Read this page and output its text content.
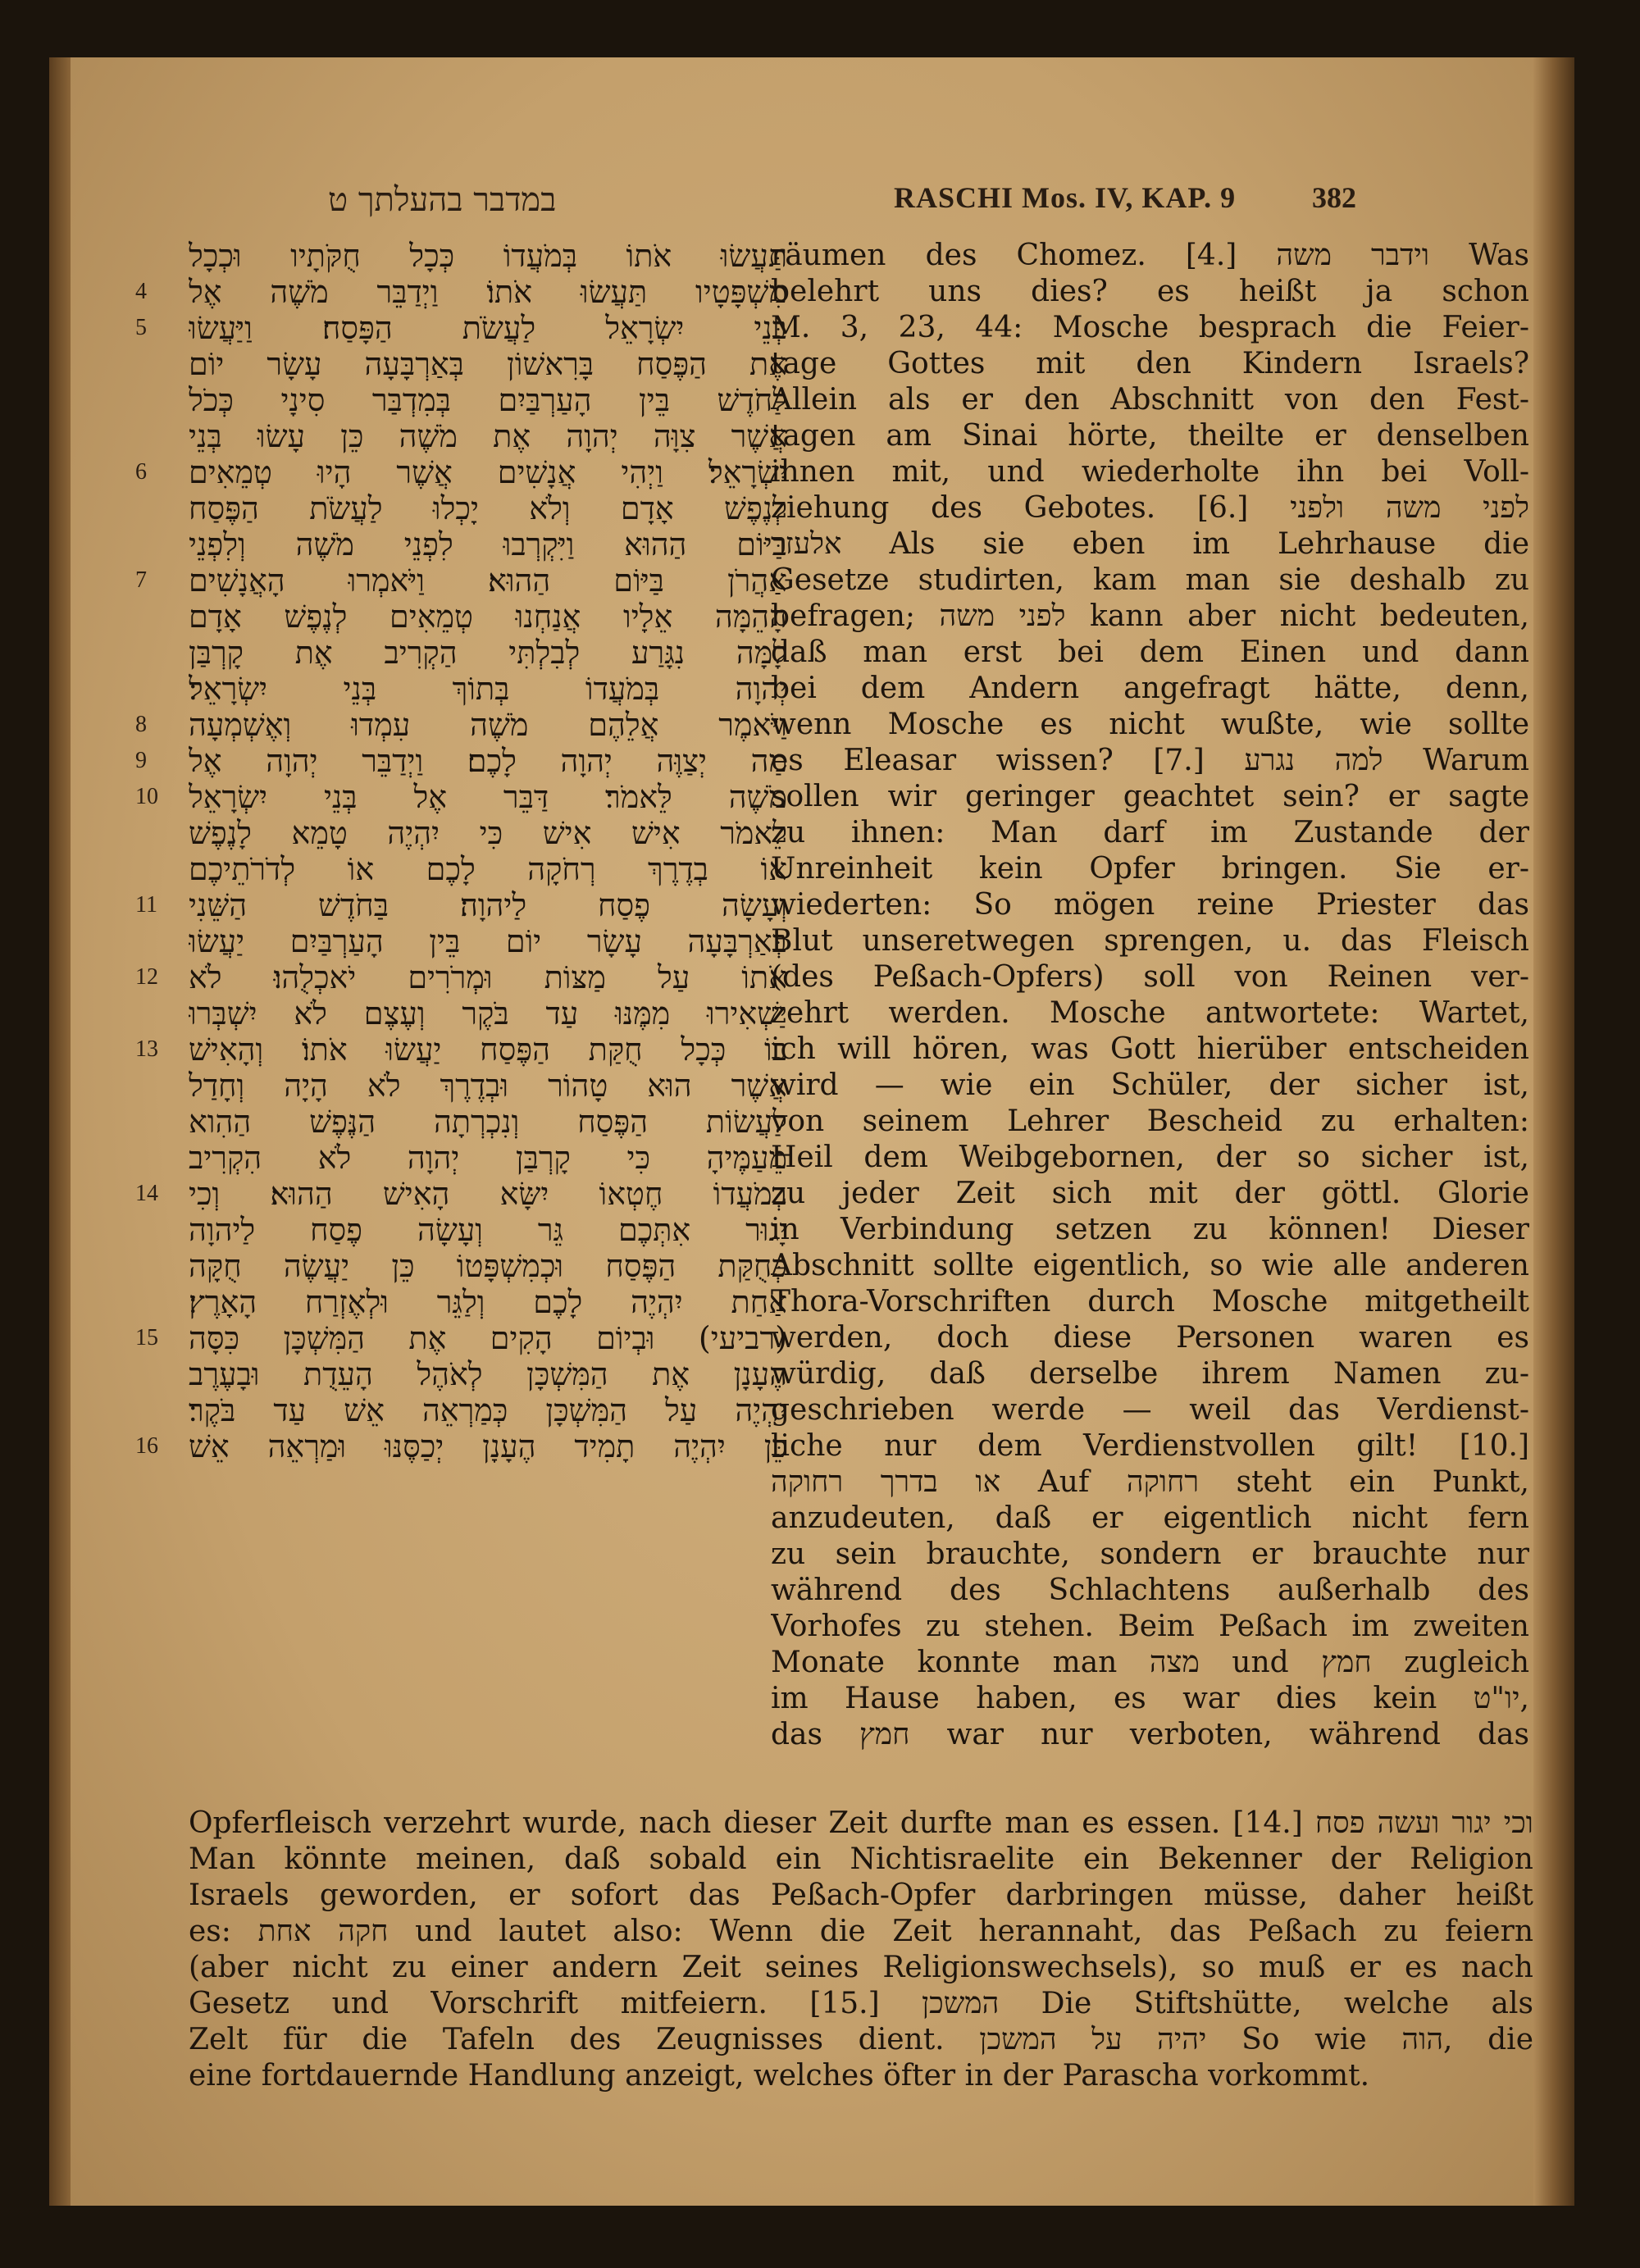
במדבר בהעלתך ט	RASCHI Mos. IV, KAP. 9	382
4
5
6
7
8
9
10
11
12
13
14
15
16
תַּעֲשׂוּ אֹתוֹ בְּמֹעֲדוֹ כְּכָל חֻקֹּתָיו וּכְכָל
מִשְׁפָּטָיו תַּעֲשׂוּ אֹתוֹ׃ וַיְדַבֵּר מֹשֶׁה אֶל
בְּנֵי יִשְׂרָאֵל לַעֲשֹׂת הַפָּסַח׃ וַיַּעֲשׂוּ
אֶת הַפֶּסַח בָּרִאשׁוֹן בְּאַרְבָּעָה עָשָׂר יוֹם
לַחֹדֶשׁ בֵּין הָעַרְבַּיִם בְּמִדְבַּר סִינָי כְּכֹל
אֲשֶׁר צִוָּה יְהוָה אֶת מֹשֶׁה כֵּן עָשׂוּ בְּנֵי
יִשְׂרָאֵל׃ וַיְהִי אֲנָשִׁים אֲשֶׁר הָיוּ טְמֵאִים
לְנֶפֶשׁ אָדָם וְלֹא יָכְלוּ לַעֲשֹׂת הַפֶּסַח
בַּיּוֹם הַהוּא וַיִּקְרְבוּ לִפְנֵי מֹשֶׁה וְלִפְנֵי
אַהֲרֹן בַּיּוֹם הַהוּא׃ וַיֹּאמְרוּ הָאֲנָשִׁים
הָהֵמָּה אֵלָיו אֲנַחְנוּ טְמֵאִים לְנֶפֶשׁ אָדָם
לָמָּה נִגָּרַע לְבִלְתִּי הַקְרִיב אֶת קָרְבַּן
יְהוָה בְּמֹעֲדוֹ בְּתוֹךְ בְּנֵי יִשְׂרָאֵל׃
וַיֹּאמֶר אֲלֵהֶם מֹשֶׁה עִמְדוּ וְאֶשְׁמְעָה
מַה יְצַוֶּה יְהוָה לָכֶם׃ וַיְדַבֵּר יְהוָה אֶל
מֹשֶׁה לֵּאמֹר׃ דַּבֵּר אֶל בְּנֵי יִשְׂרָאֵל
לֵאמֹר אִישׁ אִישׁ כִּי יִהְיֶה טָמֵא לָנֶפֶשׁ
אוֹ בְדֶרֶךְ רְחֹקָה לָכֶם אוֹ לְדֹרֹתֵיכֶם
וְעָשָׂה פֶסַח לַיהוָה׃ בַּחֹדֶשׁ הַשֵּׁנִי
בְּאַרְבָּעָה עָשָׂר יוֹם בֵּין הָעַרְבַּיִם יַעֲשׂוּ
אֹתוֹ עַל מַצּוֹת וּמְרֹרִים יֹאכְלֻהוּ׃ לֹא
יַשְׁאִירוּ מִמֶּנּוּ עַד בֹּקֶר וְעֶצֶם לֹא יִשְׁבְּרוּ
בוֹ כְּכָל חֻקַּת הַפֶּסַח יַעֲשׂוּ אֹתוֹ׃ וְהָאִישׁ
אֲשֶׁר הוּא טָהוֹר וּבְדֶרֶךְ לֹא הָיָה וְחָדַל
לַעֲשׂוֹת הַפֶּסַח וְנִכְרְתָה הַנֶּפֶשׁ הַהִוא
מֵעַמֶּיהָ כִּי קָרְבַּן יְהוָה לֹא הִקְרִיב
בְּמֹעֲדוֹ חֶטְאוֹ יִשָּׂא הָאִישׁ הַהוּא׃ וְכִי
יָגוּר אִתְּכֶם גֵּר וְעָשָׂה פֶסַח לַיהוָה
כְּחֻקַּת הַפֶּסַח וּכְמִשְׁפָּטוֹ כֵּן יַעֲשֶׂה חֻקָּה
אַחַת יִהְיֶה לָכֶם וְלַגֵּר וּלְאֶזְרַח הָאָרֶץ׃
(רביעי) וּבְיוֹם הָקִים אֶת הַמִּשְׁכָּן כִּסָּה
הֶעָנָן אֶת הַמִּשְׁכָּן לְאֹהֶל הָעֵדֻת וּבָעֶרֶב
יִהְיֶה עַל הַמִּשְׁכָּן כְּמַרְאֵה אֵשׁ עַד בֹּקֶר׃
כֵּן יִהְיֶה תָמִיד הֶעָנָן יְכַסֶּנּוּ וּמַרְאֵה אֵשׁ
räumen des Chomez. [4.] וידבר משה Was
belehrt uns dies? es heißt ja schon
M. 3, 23, 44: Mosche besprach die Feier-
tage Gottes mit den Kindern Israels?
Allein als er den Abschnitt von den Fest-
tagen am Sinai hörte, theilte er denselben
ihnen mit, und wiederholte ihn bei Voll-
ziehung des Gebotes. [6.] לפני משה ולפני
אלעזר Als sie eben im Lehrhause die
Gesetze studirten, kam man sie deshalb zu
befragen; לפני משה kann aber nicht bedeuten,
daß man erst bei dem Einen und dann
bei dem Andern angefragt hätte, denn,
wenn Mosche es nicht wußte, wie sollte
es Eleasar wissen? [7.] למה נגרע Warum
sollen wir geringer geachtet sein? er sagte
zu ihnen: Man darf im Zustande der
Unreinheit kein Opfer bringen. Sie er-
wiederten: So mögen reine Priester das
Blut unseretwegen sprengen, u. das Fleisch
(des Peßach-Opfers) soll von Reinen ver-
zehrt werden. Mosche antwortete: Wartet,
ich will hören, was Gott hierüber entscheiden
wird — wie ein Schüler, der sicher ist,
von seinem Lehrer Bescheid zu erhalten:
Heil dem Weibgebornen, der so sicher ist,
zu jeder Zeit sich mit der göttl. Glorie
in Verbindung setzen zu können! Dieser
Abschnitt sollte eigentlich, so wie alle anderen
Thora-Vorschriften durch Mosche mitgetheilt
werden, doch diese Personen waren es
würdig, daß derselbe ihrem Namen zu-
geschrieben werde — weil das Verdienst-
liche nur dem Verdienstvollen gilt! [10.]
או בדרך רחוקה Auf רחוקה steht ein Punkt,
anzudeuten, daß er eigentlich nicht fern
zu sein brauchte, sondern er brauchte nur
während des Schlachtens außerhalb des
Vorhofes zu stehen. Beim Peßach im zweiten
Monate konnte man מצה und חמץ zugleich
im Hause haben, es war dies kein יו"ט,
das חמץ war nur verboten, während das
Opferfleisch verzehrt wurde, nach dieser Zeit durfte man es essen. [14.] וכי יגור ועשה פסח
Man könnte meinen, daß sobald ein Nichtisraelite ein Bekenner der Religion
Israels geworden, er sofort das Peßach-Opfer darbringen müsse, daher heißt
es: חקה אחת und lautet also: Wenn die Zeit herannaht, das Peßach zu feiern
(aber nicht zu einer andern Zeit seines Religionswechsels), so muß er es nach
Gesetz und Vorschrift mitfeiern. [15.] המשכן Die Stiftshütte, welche als
Zelt für die Tafeln des Zeugnisses dient. יהיה על המשכן So wie הוה, die
eine fortdauernde Handlung anzeigt, welches öfter in der Parascha vorkommt.
